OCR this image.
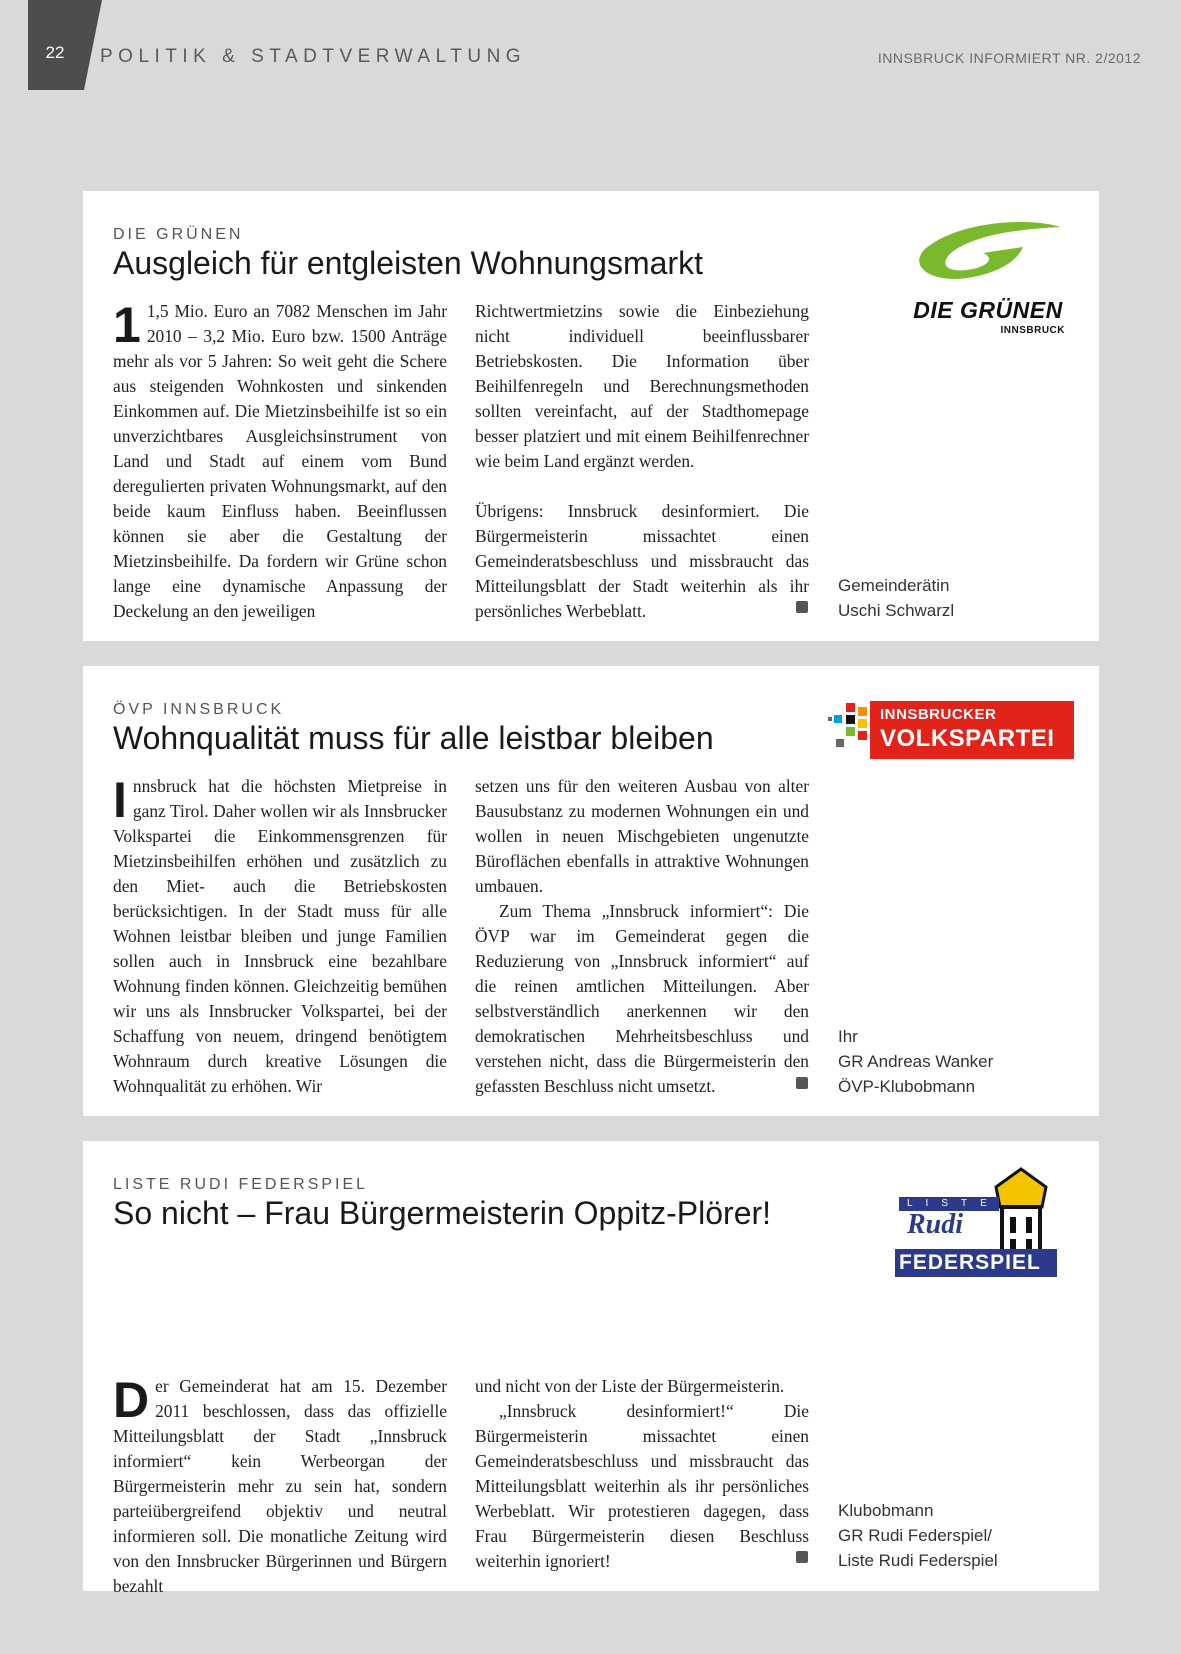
22	POLITIK & STADTVERWALTUNG	INNSBRUCK INFORMIERT NR. 2/2012
DIE GRÜNEN
Ausgleich für entgleisten Wohnungsmarkt
1 1,5 Mio. Euro an 7082 Menschen im Jahr 2010 – 3,2 Mio. Euro bzw. 1500 Anträge mehr als vor 5 Jahren: So weit geht die Schere aus steigenden Wohnkosten und sinkenden Einkommen auf. Die Mietzinsbeihilfe ist so ein unverzichtbares Ausgleichsinstrument von Land und Stadt auf einem vom Bund deregulierten privaten Wohnungsmarkt, auf den beide kaum Einfluss haben. Beeinflussen können sie aber die Gestaltung der Mietzinsbeihilfe. Da fordern wir Grüne schon lange eine dynamische Anpassung der Deckelung an den jeweiligen

Richtwertmietzins sowie die Einbeziehung nicht individuell beeinflussbarer Betriebskosten. Die Information über Beihilfenregeln und Berechnungsmethoden sollten vereinfacht, auf der Stadthomepage besser platziert und mit einem Beihilfenrechner wie beim Land ergänzt werden.

Übrigens: Innsbruck desinformiert. Die Bürgermeisterin missachtet einen Gemeinderatsbeschluss und missbraucht das Mitteilungsblatt der Stadt weiterhin als ihr persönliches Werbeblatt.

Gemeinderätin
Uschi Schwarzl
DIE GRÜNEN
INNSBRUCK
ÖVP INNSBRUCK
Wohnqualität muss für alle leistbar bleiben
I nnsbruck hat die höchsten Mietpreise in ganz Tirol. Daher wollen wir als Innsbrucker Volkspartei die Einkommensgrenzen für Mietzinsbeihilfen erhöhen und zusätzlich zu den Miet- auch die Betriebskosten berücksichtigen. In der Stadt muss für alle Wohnen leistbar bleiben und junge Familien sollen auch in Innsbruck eine bezahlbare Wohnung finden können. Gleichzeitig bemühen wir uns als Innsbrucker Volkspartei, bei der Schaffung von neuem, dringend benötigtem Wohnraum durch kreative Lösungen die Wohnqualität zu erhöhen. Wir

setzen uns für den weiteren Ausbau von alter Bausubstanz zu modernen Wohnungen ein und wollen in neuen Mischgebieten ungenutzte Büroflächen ebenfalls in attraktive Wohnungen umbauen.

Zum Thema „Innsbruck informiert“: Die ÖVP war im Gemeinderat gegen die Reduzierung von „Innsbruck informiert“ auf die reinen amtlichen Mitteilungen. Aber selbstverständlich anerkennen wir den demokratischen Mehrheitsbeschluss und verstehen nicht, dass die Bürgermeisterin den gefassten Beschluss nicht umsetzt.

Ihr
GR Andreas Wanker
ÖVP-Klubobmann
INNSBRUCKER
VOLKSPARTEI
LISTE RUDI FEDERSPIEL
So nicht – Frau Bürgermeisterin Oppitz-Plörer!
D er Gemeinderat hat am 15. Dezember 2011 beschlossen, dass das offizielle Mitteilungsblatt der Stadt „Innsbruck informiert“ kein Werbeorgan der Bürgermeisterin mehr zu sein hat, sondern parteiübergreifend objektiv und neutral informieren soll. Die monatliche Zeitung wird von den Innsbrucker Bürgerinnen und Bürgern bezahlt

und nicht von der Liste der Bürgermeisterin.

„Innsbruck desinformiert!“ Die Bürgermeisterin missachtet einen Gemeinderatsbeschluss und missbraucht das Mitteilungsblatt weiterhin als ihr persönliches Werbeblatt. Wir protestieren dagegen, dass Frau Bürgermeisterin diesen Beschluss weiterhin ignoriert!

Klubobmann
GR Rudi Federspiel/
Liste Rudi Federspiel
LISTE
Rudi
FEDERSPIEL
